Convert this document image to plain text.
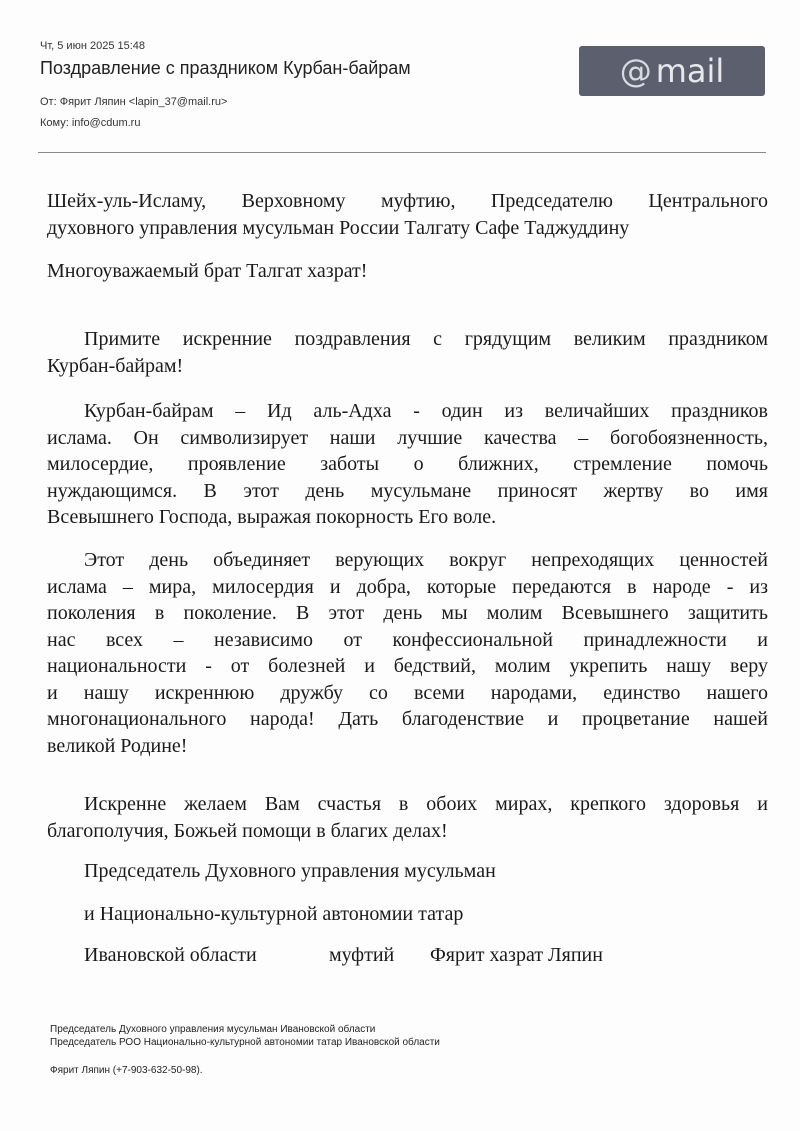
Чт, 5 июн 2025 15:48
Поздравление с праздником Курбан-байрам
От: Фярит Ляпин <lapin_37@mail.ru>
Кому: info@cdum.ru
@ mail
Шейх-уль-Исламу, Верховному муфтию, Председателю Центрального
духовного управления мусульман России Талгату Сафе Таджуддину
Многоуважаемый брат Талгат хазрат!
Примите искренние поздравления с грядущим великим праздником
Курбан-байрам!
Курбан-байрам – Ид аль-Адха - один из величайших праздников
ислама. Он символизирует наши лучшие качества – богобоязненность,
милосердие, проявление заботы о ближних, стремление помочь
нуждающимся. В этот день мусульмане приносят жертву во имя
Всевышнего Господа, выражая покорность Его воле.
Этот день объединяет верующих вокруг непреходящих ценностей
ислама – мира, милосердия и добра, которые передаются в народе - из
поколения в поколение. В этот день мы молим Всевышнего защитить
нас всех – независимо от конфессиональной принадлежности и
национальности - от болезней и бедствий, молим укрепить нашу веру
и нашу искреннюю дружбу со всеми народами, единство нашего
многонационального народа! Дать благоденствие и процветание нашей
великой Родине!
Искренне желаем Вам счастья в обоих мирах, крепкого здоровья и
благополучия, Божьей помощи в благих делах!
Председатель Духовного управления мусульман
и Национально-культурной автономии татар
Ивановской области	муфтий Фярит хазрат Ляпин
Председатель Духовного управления мусульман Ивановской области
Председатель РОО Национально-культурной автономии татар Ивановской области
Фярит Ляпин (+7-903-632-50-98).
